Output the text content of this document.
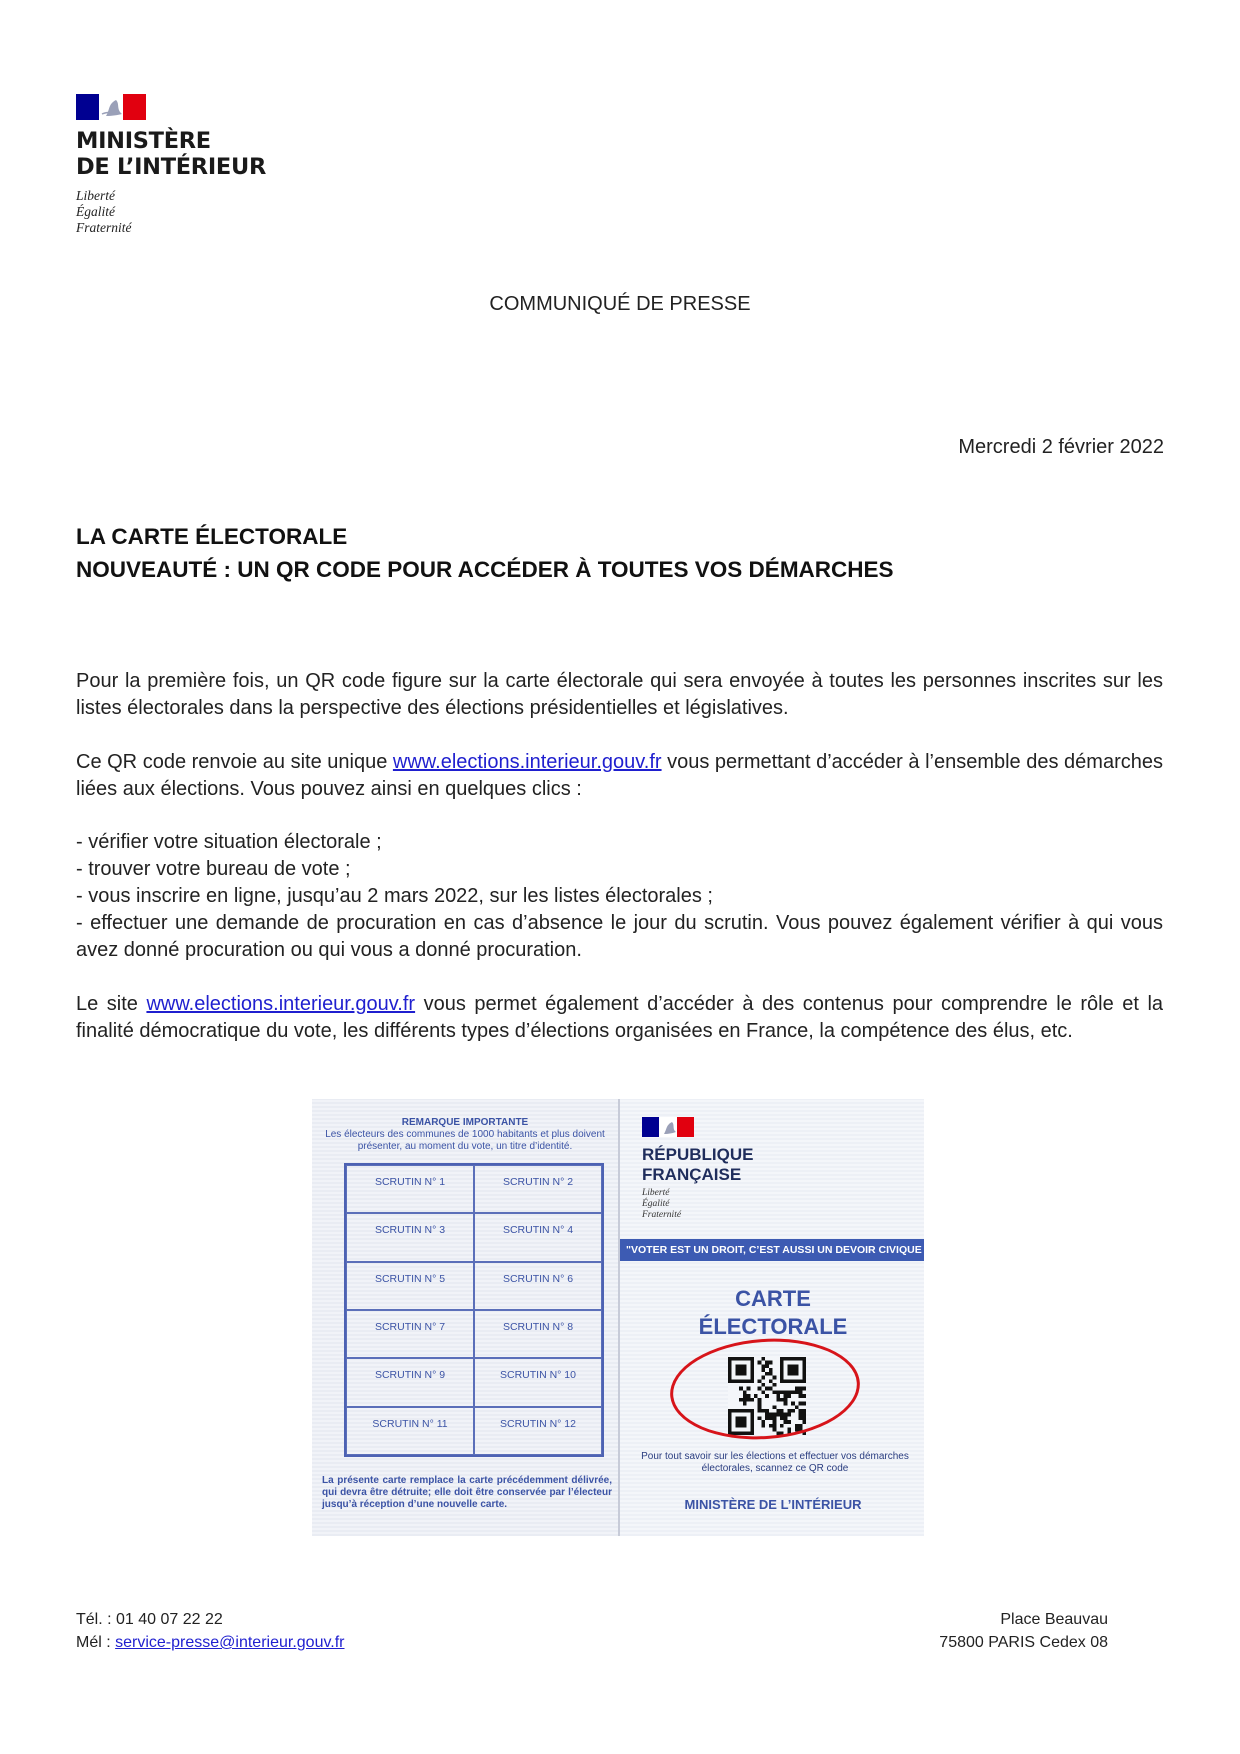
MINISTÈRE
DE L’INTÉRIEUR
Liberté
Égalité
Fraternité
COMMUNIQUÉ DE PRESSE
Mercredi 2 février 2022
LA CARTE ÉLECTORALE
NOUVEAUTÉ : UN QR CODE POUR ACCÉDER À TOUTES VOS DÉMARCHES
Pour la première fois, un QR code figure sur la carte électorale qui sera envoyée à toutes les personnes inscrites sur les listes électorales dans la perspective des élections présidentielles et législatives.
Ce QR code renvoie au site unique www.elections.interieur.gouv.fr vous permettant d’accéder à l’ensemble des démarches liées aux élections. Vous pouvez ainsi en quelques clics :

- vérifier votre situation électorale ;

- trouver votre bureau de vote ;

- vous inscrire en ligne, jusqu’au 2 mars 2022, sur les listes électorales ;

- effectuer une demande de procuration en cas d’absence le jour du scrutin. Vous pouvez également vérifier à qui vous avez donné procuration ou qui vous a donné procuration.

Le site www.elections.interieur.gouv.fr vous permet également d’accéder à des contenus pour comprendre le rôle et la finalité démocratique du vote, les différents types d’élections organisées en France, la compétence des élus, etc.
REMARQUE IMPORTANTE
Les électeurs des communes de 1000 habitants et plus doivent présenter, au moment du vote, un titre d’identité.
SCRUTIN N° 1	SCRUTIN N° 2
SCRUTIN N° 3	SCRUTIN N° 4
SCRUTIN N° 5	SCRUTIN N° 6
SCRUTIN N° 7	SCRUTIN N° 8
SCRUTIN N° 9	SCRUTIN N° 10
SCRUTIN N° 11	SCRUTIN N° 12
La présente carte remplace la carte précédemment délivrée, qui devra être détruite; elle doit être conservée par l’électeur jusqu’à réception d’une nouvelle carte.
RÉPUBLIQUE
FRANÇAISE
Liberté
Égalité
Fraternité
"VOTER EST UN DROIT, C’EST AUSSI UN DEVOIR CIVIQUE
CARTE
ÉLECTORALE
Pour tout savoir sur les élections et effectuer vos démarches électorales, scannez ce QR code
MINISTÈRE DE L’INTÉRIEUR
Tél. : 01 40 07 22 22
Mél : service-presse@interieur.gouv.fr
Place Beauvau
75800 PARIS Cedex 08
